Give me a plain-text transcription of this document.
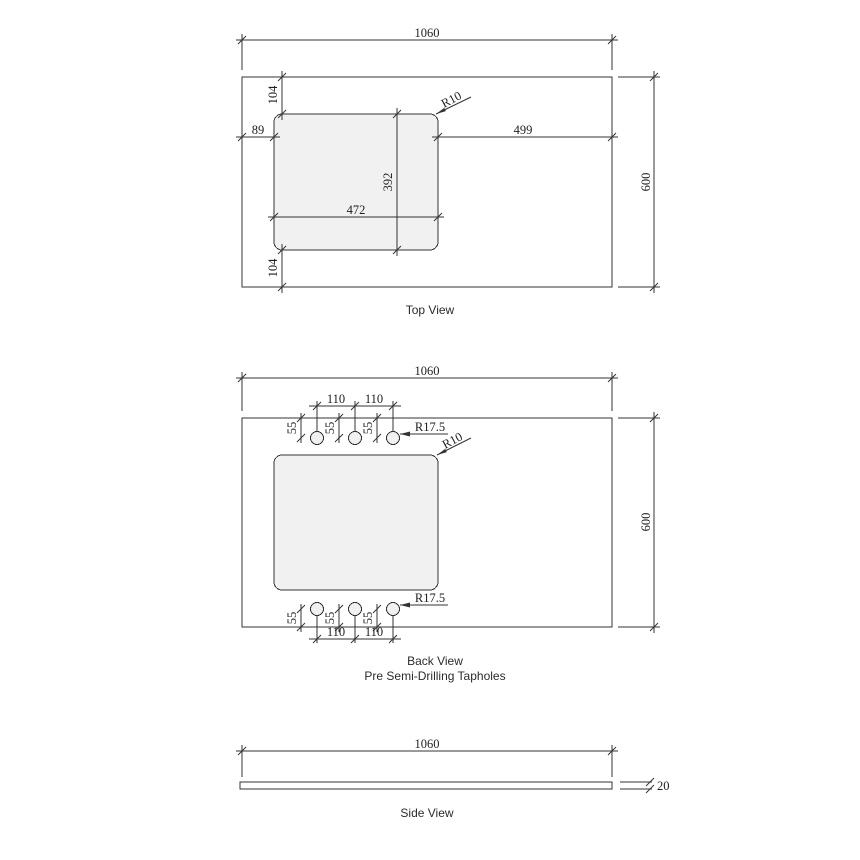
1060
600
104
89	499
392
472
104
R10
Top View
1060
600
110 110
55 55 55	R17.5
R10
55 55 55
110 110
R17.5
Back View
Pre Semi-Drilling Tapholes
1060
20
Side View
